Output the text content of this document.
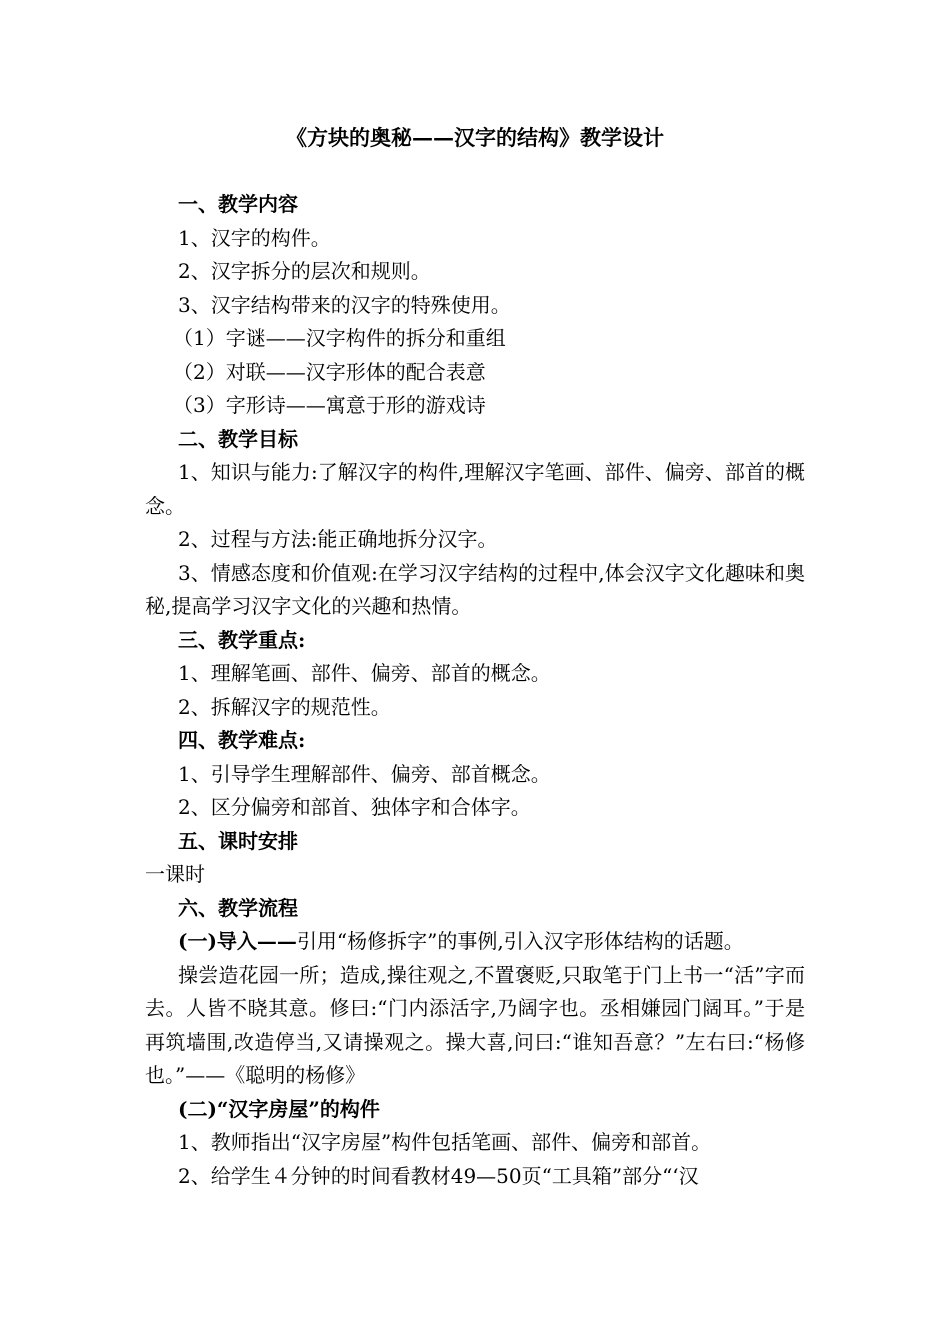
《方块的奥秘——汉字的结构》教学设计
一、教学内容
1、汉字的构件。
2、汉字拆分的层次和规则。
3、汉字结构带来的汉字的特殊使用。
（1）字谜——汉字构件的拆分和重组
（2）对联——汉字形体的配合表意
（3）字形诗——寓意于形的游戏诗
二、教学目标
1、知识与能力:了解汉字的构件,理解汉字笔画、部件、偏旁、部首的概念。
2、过程与方法:能正确地拆分汉字。
3、情感态度和价值观:在学习汉字结构的过程中,体会汉字文化趣味和奥秘,提高学习汉字文化的兴趣和热情。
三、教学重点:
1、理解笔画、部件、偏旁、部首的概念。
2、拆解汉字的规范性。
四、教学难点:
1、引导学生理解部件、偏旁、部首概念。
2、区分偏旁和部首、独体字和合体字。
五、课时安排
一课时
六、教学流程
(一)导入——引用“杨修拆字”的事例,引入汉字形体结构的话题。
操尝造花园一所；造成,操往观之,不置褒贬,只取笔于门上书一“活”字而去。人皆不晓其意。修曰:“门内添活字,乃阔字也。丞相嫌园门阔耳。”于是再筑墙围,改造停当,又请操观之。操大喜,问曰:“谁知吾意？”左右曰:“杨修也。”——《聪明的杨修》
(二)“汉字房屋”的构件
1、教师指出“汉字房屋”构件包括笔画、部件、偏旁和部首。
2、给学生４分钟的时间看教材49—50页“工具箱”部分“‘汉
